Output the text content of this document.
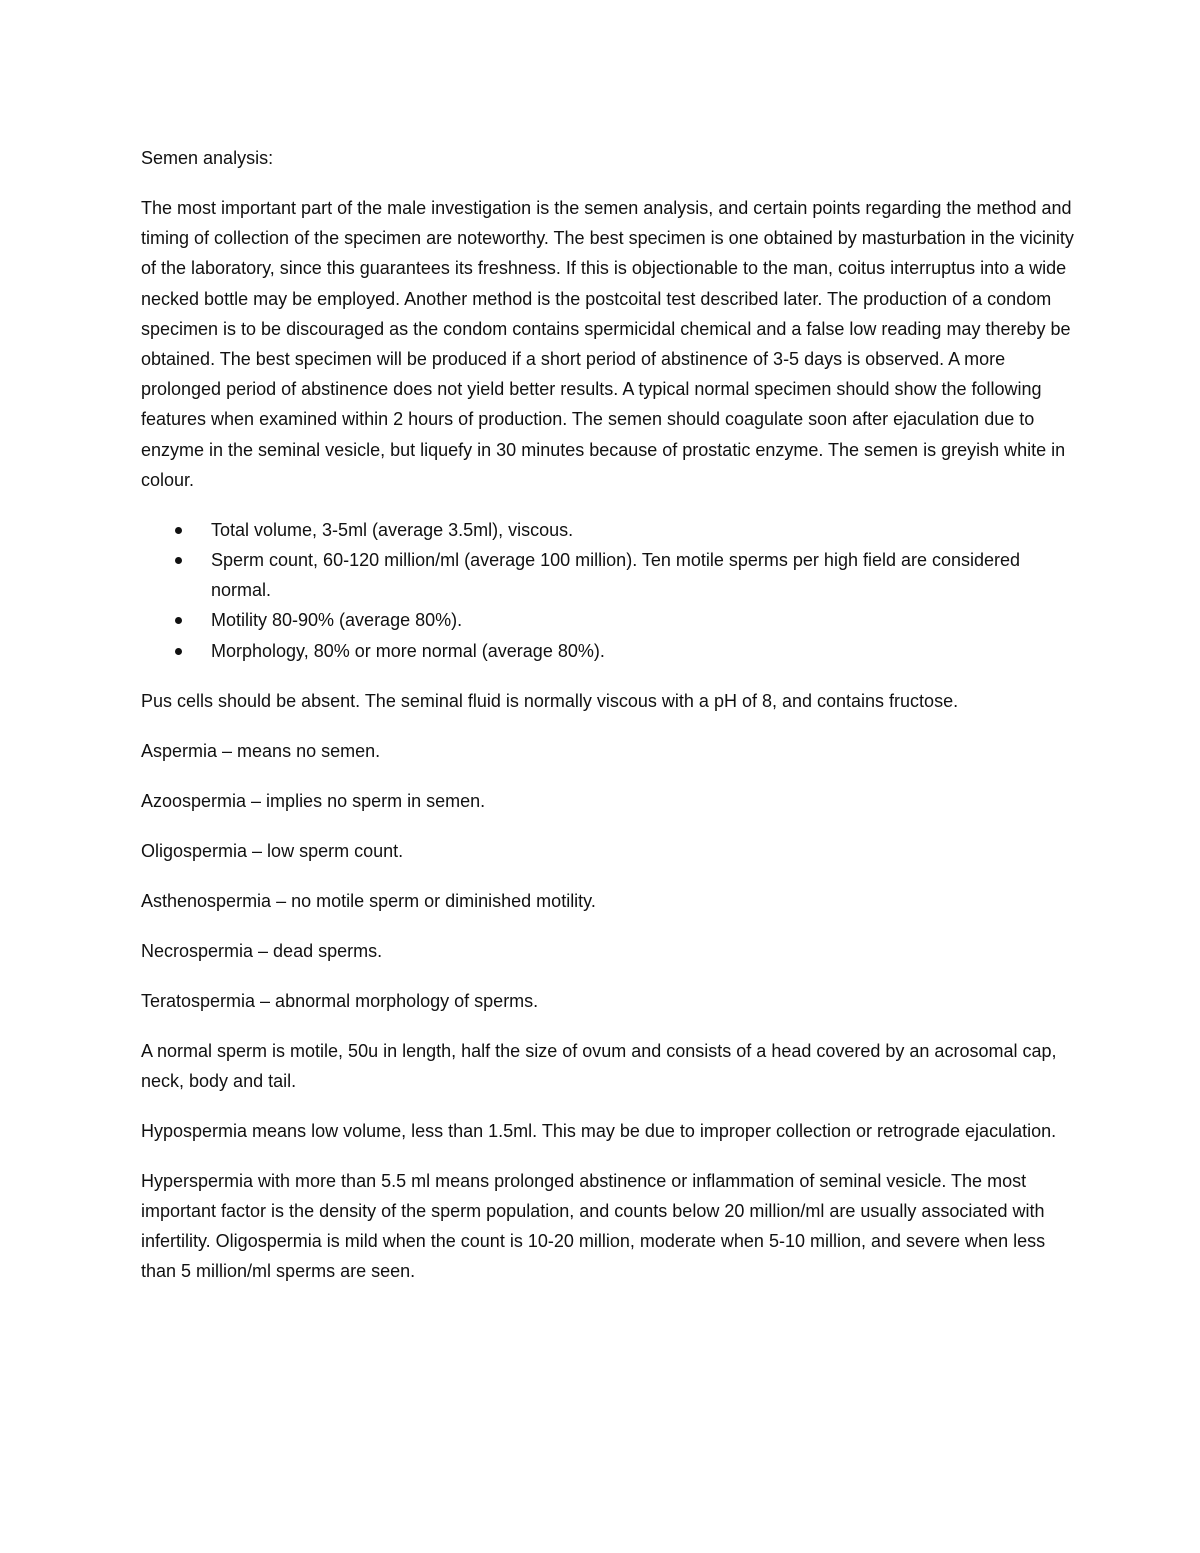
Semen analysis:

The most important part of the male investigation is the semen analysis, and certain points regarding the method and timing of collection of the specimen are noteworthy. The best specimen is one obtained by masturbation in the vicinity of the laboratory, since this guarantees its freshness. If this is objectionable to the man, coitus interruptus into a wide necked bottle may be employed. Another method is the postcoital test described later. The production of a condom specimen is to be discouraged as the condom contains spermicidal chemical and a false low reading may thereby be obtained. The best specimen will be produced if a short period of abstinence of 3-5 days is observed. A more prolonged period of abstinence does not yield better results. A typical normal specimen should show the following features when examined within 2 hours of production. The semen should coagulate soon after ejaculation due to enzyme in the seminal vesicle, but liquefy in 30 minutes because of prostatic enzyme. The semen is greyish white in colour.

Total volume, 3-5ml (average 3.5ml), viscous.
Sperm count, 60-120 million/ml (average 100 million). Ten motile sperms per high field are considered normal.
Motility 80-90% (average 80%).
Morphology, 80% or more normal (average 80%).

Pus cells should be absent. The seminal fluid is normally viscous with a pH of 8, and contains fructose.

Aspermia – means no semen.

Azoospermia – implies no sperm in semen.

Oligospermia – low sperm count.

Asthenospermia – no motile sperm or diminished motility.

Necrospermia – dead sperms.

Teratospermia – abnormal morphology of sperms.

A normal sperm is motile, 50u in length, half the size of ovum and consists of a head covered by an acrosomal cap, neck, body and tail.

Hypospermia means low volume, less than 1.5ml. This may be due to improper collection or retrograde ejaculation.

Hyperspermia with more than 5.5 ml means prolonged abstinence or inflammation of seminal vesicle. The most important factor is the density of the sperm population, and counts below 20 million/ml are usually associated with infertility. Oligospermia is mild when the count is 10-20 million, moderate when 5-10 million, and severe when less than 5 million/ml sperms are seen.
